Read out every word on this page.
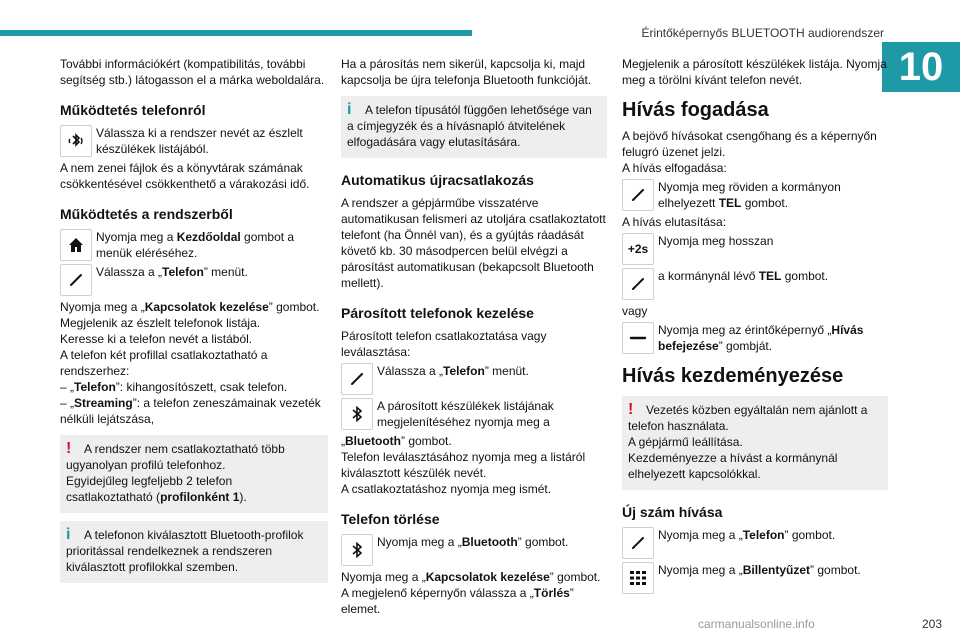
Érintőképernyős BLUETOOTH audiorendszer
10

További információkért (kompatibilitás, további segítség stb.) látogasson el a márka weboldalára.

Működtetés telefonról
Válassza ki a rendszer nevét az észlelt készülékek listájából.

A nem zenei fájlok és a könyvtárak számának csökkentésével csökkenthető a várakozási idő.

Működtetés a rendszerből
Nyomja meg a Kezdőoldal gombot a menük eléréséhez.
Válassza a „Telefon” menüt.

Nyomja meg a „Kapcsolatok kezelése” gombot.

Megjelenik az észlelt telefonok listája.

Keresse ki a telefon nevét a listából.

A telefon két profillal csatlakoztatható a rendszerhez:

– „Telefon”: kihangosítószett, csak telefon.

– „Streaming”: a telefon zeneszámainak vezeték nélküli lejátszása,

! A rendszer nem csatlakoztatható több ugyanolyan profilú telefonhoz.
Egyidejűleg legfeljebb 2 telefon csatlakoztatható (profilonként 1).
i A telefonon kiválasztott Bluetooth-profilok prioritással rendelkeznek a rendszeren kiválasztott profilokkal szemben.

Ha a párosítás nem sikerül, kapcsolja ki, majd kapcsolja be újra telefonja Bluetooth funkcióját.

i A telefon típusától függően lehetősége van a címjegyzék és a hívásnapló átvitelének elfogadására vagy elutasítására.
Automatikus újracsatlakozás

A rendszer a gépjárműbe visszatérve automatikusan felismeri az utoljára csatlakoztatott telefont (ha Önnél van), és a gyújtás ráadását követő kb. 30 másodpercen belül elvégzi a párosítást automatikusan (bekapcsolt Bluetooth mellett).

Párosított telefonok kezelése

Párosított telefon csatlakoztatása vagy leválasztása:

Válassza a „Telefon” menüt.
A párosított készülékek listájának megjelenítéséhez nyomja meg a

„Bluetooth” gombot.

Telefon leválasztásához nyomja meg a listáról kiválasztott készülék nevét.

A csatlakoztatáshoz nyomja meg ismét.

Telefon törlése
Nyomja meg a „Bluetooth” gombot.

Nyomja meg a „Kapcsolatok kezelése” gombot.

A megjelenő képernyőn válassza a „Törlés” elemet.

Megjelenik a párosított készülékek listája. Nyomja meg a törölni kívánt telefon nevét.

Hívás fogadása

A bejövő hívásokat csengőhang és a képernyőn felugró üzenet jelzi.

A hívás elfogadása:

Nyomja meg röviden a kormányon elhelyezett TEL gombot.

A hívás elutasítása:

+2s
Nyomja meg hosszan
a kormánynál lévő TEL gombot.

vagy

Nyomja meg az érintőképernyő „Hívás befejezése” gombját.
Hívás kezdeményezése
! Vezetés közben egyáltalán nem ajánlott a telefon használata.
A gépjármű leállítása.
Kezdeményezze a hívást a kormánynál elhelyezett kapcsolókkal.
Új szám hívása
Nyomja meg a „Telefon” gombot.
Nyomja meg a „Billentyűzet” gombot.
carmanualsonline.info	203
